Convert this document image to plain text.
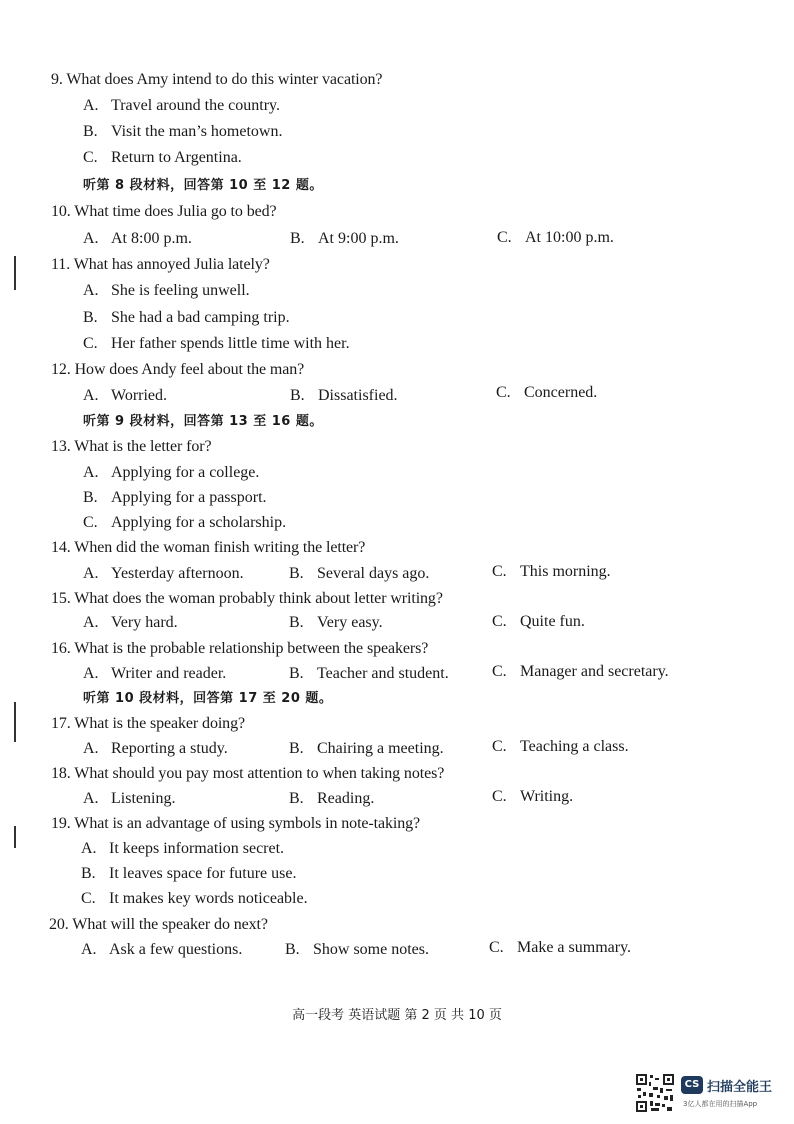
9. What does Amy intend to do this winter vacation?
A. Travel around the country.
B. Visit the man’s hometown.
C. Return to Argentina.
听第 8 段材料，回答第 10 至 12 题。
10. What time does Julia go to bed?
A. At 8:00 p.m.	B. At 9:00 p.m.	C. At 10:00 p.m.
11. What has annoyed Julia lately?
A. She is feeling unwell.
B. She had a bad camping trip.
C. Her father spends little time with her.
12. How does Andy feel about the man?
A. Worried.	B. Dissatisfied.	C. Concerned.
听第 9 段材料，回答第 13 至 16 题。
13. What is the letter for?
A. Applying for a college.
B. Applying for a passport.
C. Applying for a scholarship.
14. When did the woman finish writing the letter?
A. Yesterday afternoon.	B. Several days ago.	C. This morning.
15. What does the woman probably think about letter writing?
A. Very hard.	B. Very easy.	C. Quite fun.
16. What is the probable relationship between the speakers?
A. Writer and reader.	B. Teacher and student.	C. Manager and secretary.
听第 10 段材料，回答第 17 至 20 题。
17. What is the speaker doing?
A. Reporting a study.	B. Chairing a meeting.	C. Teaching a class.
18. What should you pay most attention to when taking notes?
A. Listening.	B. Reading.	C. Writing.
19. What is an advantage of using symbols in note-taking?
A. It keeps information secret.
B. It leaves space for future use.
C. It makes key words noticeable.
20. What will the speaker do next?
A. Ask a few questions.	B. Show some notes.	C. Make a summary.
高一段考 英语试题 第 2 页 共 10 页
CS 扫描全能王
3亿人都在用的扫描App
